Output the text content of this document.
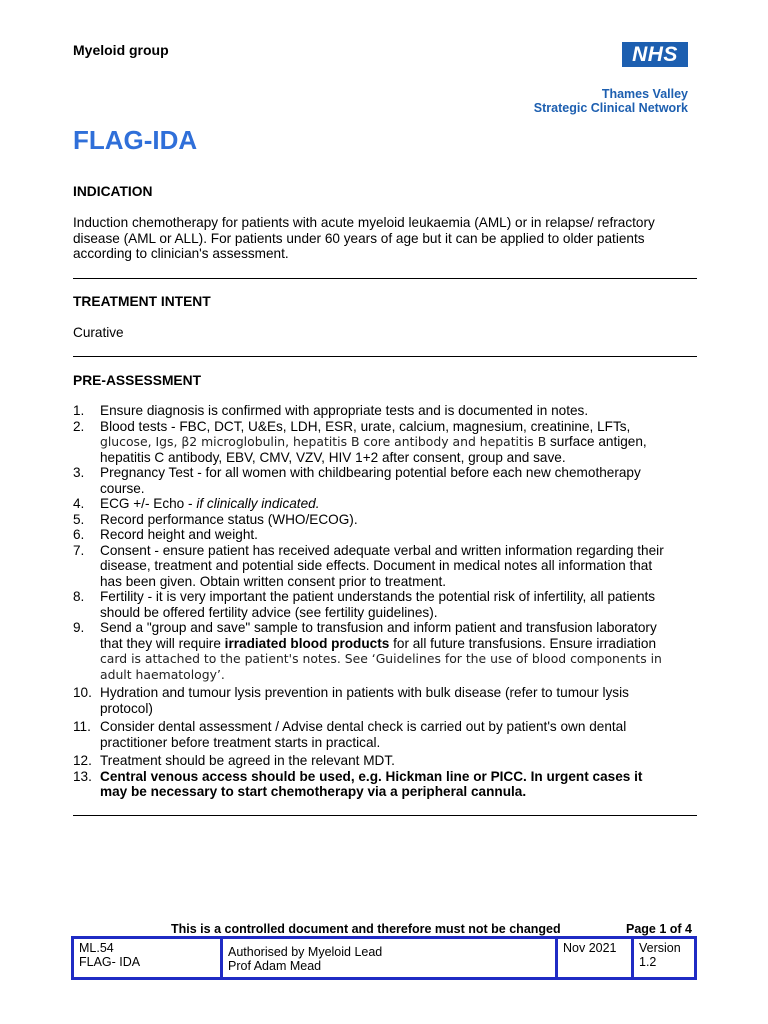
Myeloid group	NHS
Thames Valley
Strategic Clinical Network
FLAG-IDA
INDICATION
Induction chemotherapy for patients with acute myeloid leukaemia (AML) or in relapse/ refractory
disease (AML or ALL). For patients under 60 years of age but it can be applied to older patients
according to clinician's assessment.
TREATMENT INTENT
Curative
PRE-ASSESSMENT
1.	Ensure diagnosis is confirmed with appropriate tests and is documented in notes.
2.	Blood tests - FBC, DCT, U&Es, LDH, ESR, urate, calcium, magnesium, creatinine, LFTs,
glucose, Igs, β2 microglobulin, hepatitis B core antibody and hepatitis B surface antigen,
hepatitis C antibody, EBV, CMV, VZV, HIV 1+2 after consent, group and save.
3.	Pregnancy Test - for all women with childbearing potential before each new chemotherapy
course.
4.	ECG +/- Echo - if clinically indicated.
5.	Record performance status (WHO/ECOG).
6.	Record height and weight.
7.	Consent - ensure patient has received adequate verbal and written information regarding their
disease, treatment and potential side effects. Document in medical notes all information that
has been given. Obtain written consent prior to treatment.
8.	Fertility - it is very important the patient understands the potential risk of infertility, all patients
should be offered fertility advice (see fertility guidelines).
9.	Send a "group and save" sample to transfusion and inform patient and transfusion laboratory
that they will require irradiated blood products for all future transfusions. Ensure irradiation
card is attached to the patient's notes. See ‘Guidelines for the use of blood components in
adult haematology’.
10. Hydration and tumour lysis prevention in patients with bulk disease (refer to tumour lysis
protocol)
11. Consider dental assessment / Advise dental check is carried out by patient's own dental
practitioner before treatment starts in practical.
12. Treatment should be agreed in the relevant MDT.
13. Central venous access should be used, e.g. Hickman line or PICC. In urgent cases it
may be necessary to start chemotherapy via a peripheral cannula.
This is a controlled document and therefore must not be changed	Page 1 of 4
ML.54
FLAG- IDA

Authorised by Myeloid Lead
Prof Adam Mead

Nov 2021	Version
1.2
